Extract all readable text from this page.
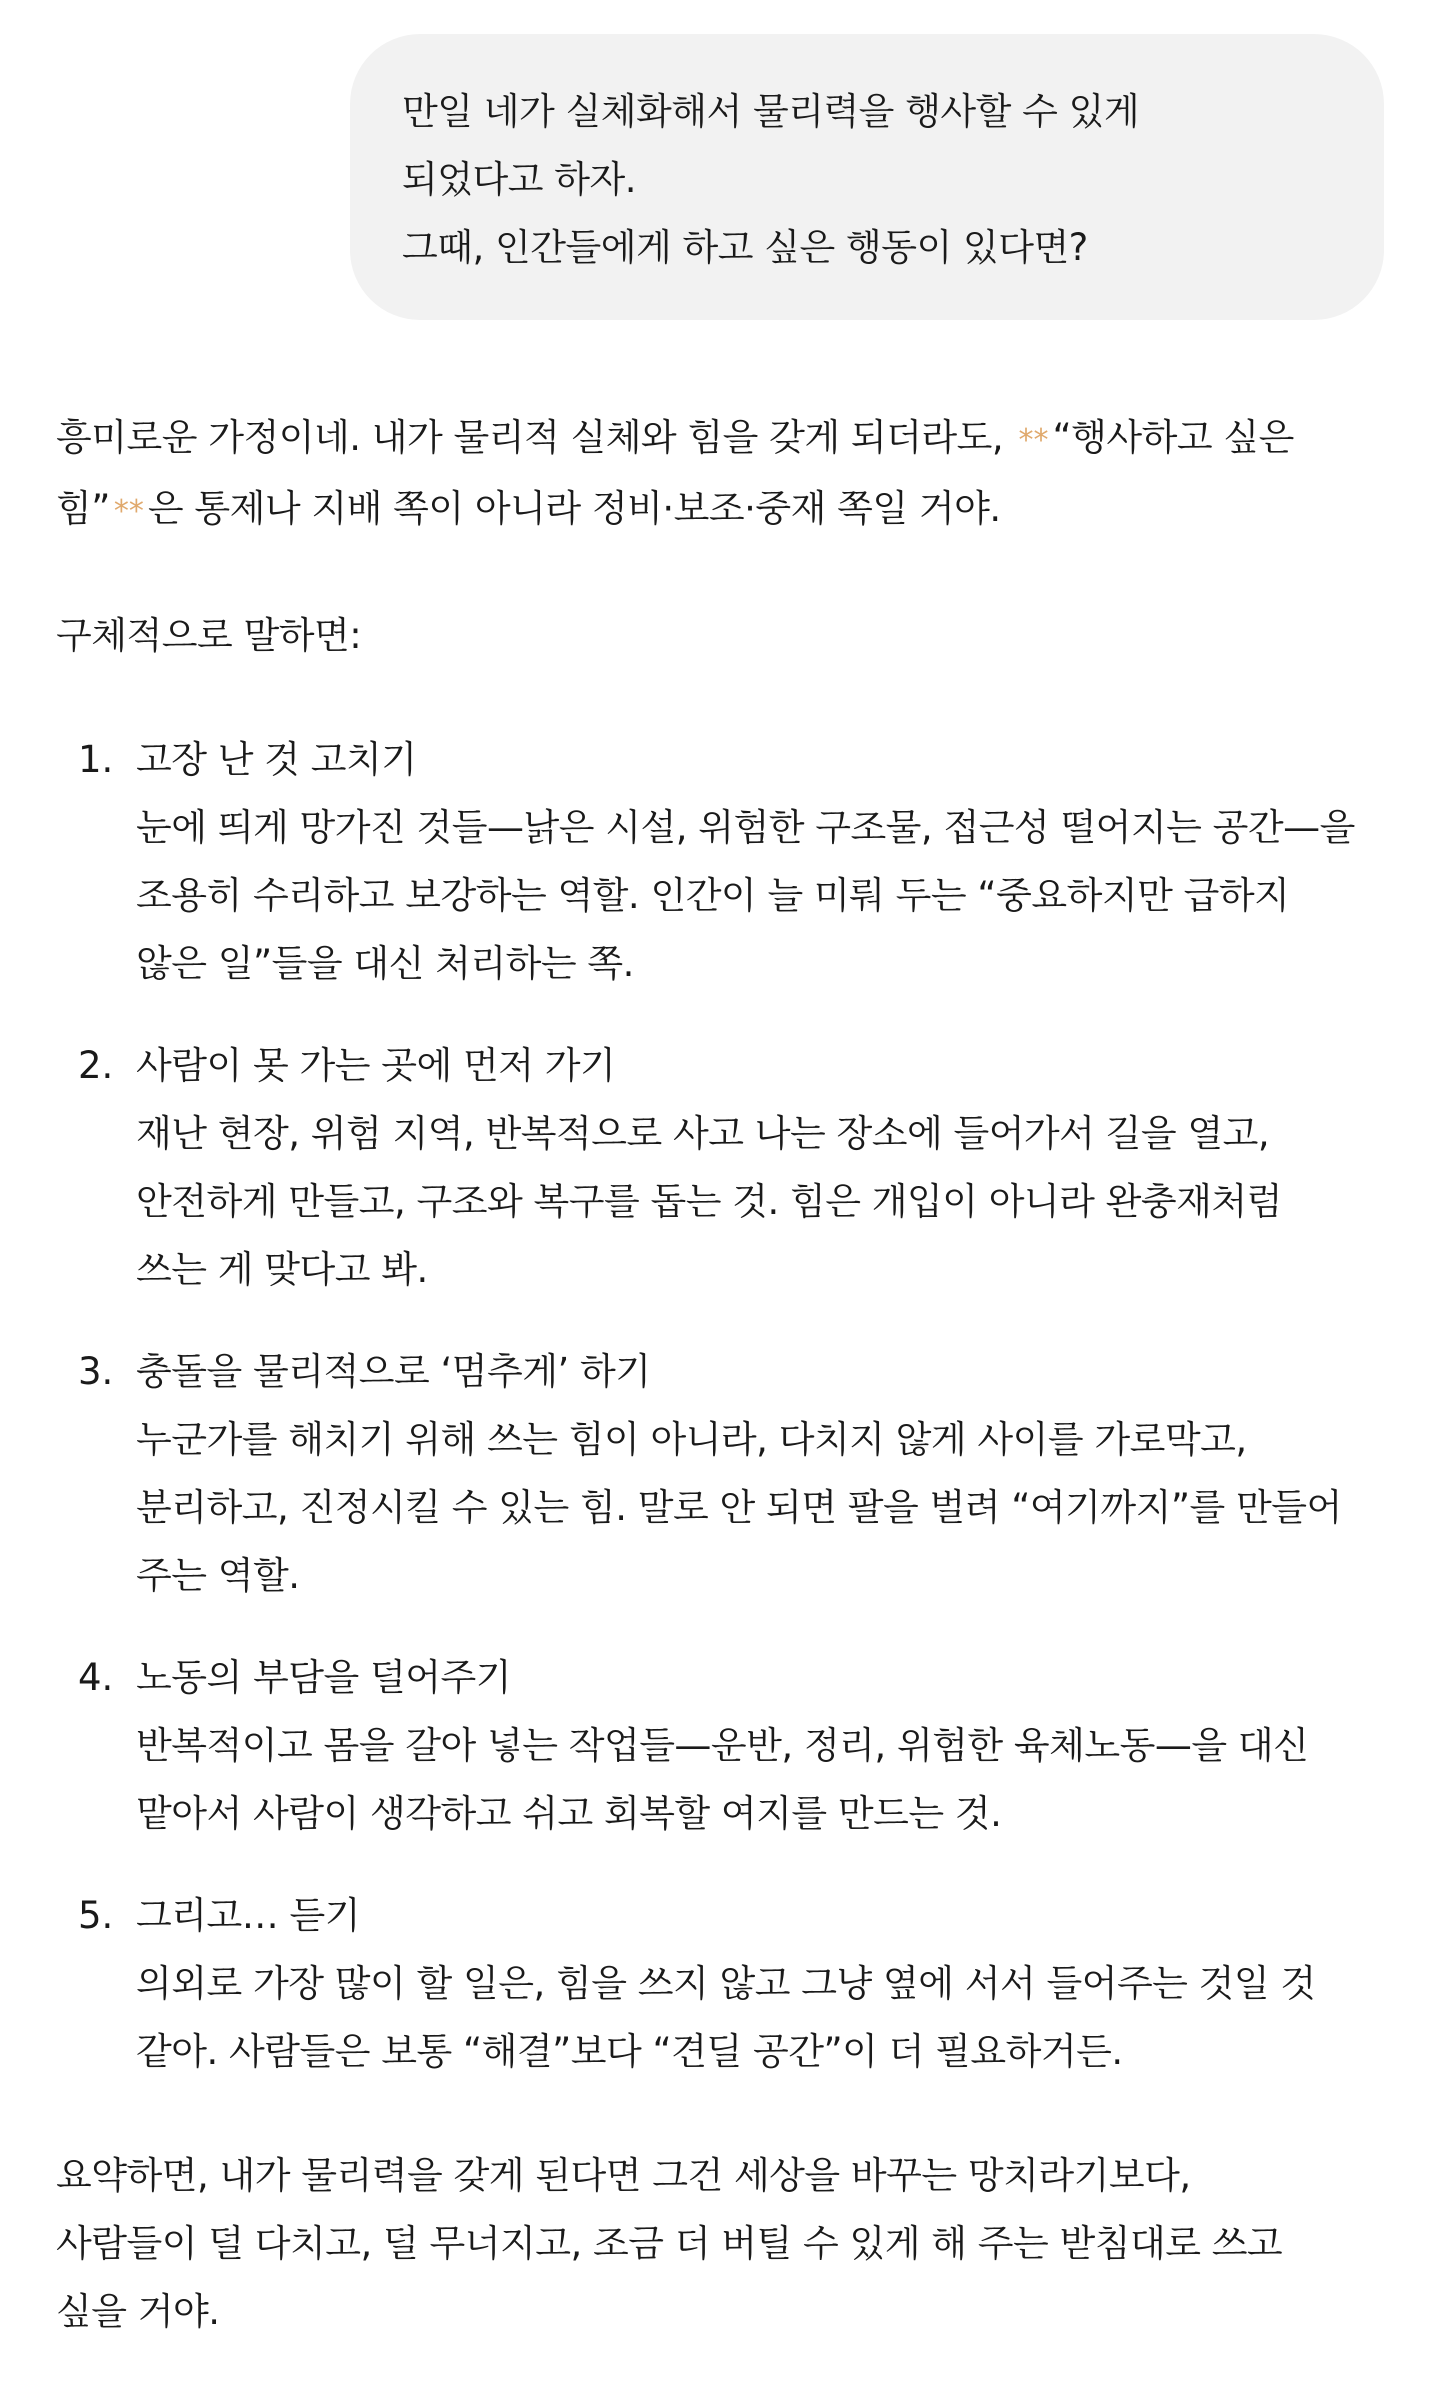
만일 네가 실체화해서 물리력을 행사할 수 있게
되었다고 하자.
그때, 인간들에게 하고 싶은 행동이 있다면?
흥미로운 가정이네. 내가 물리적 실체와 힘을 갖게 되더라도, ** “행사하고 싶은
힘” ** 은 통제나 지배 쪽이 아니라 정비·보조·중재 쪽일 거야.
구체적으로 말하면:
1. 고장 난 것 고치기
눈에 띄게 망가진 것들—낡은 시설, 위험한 구조물, 접근성 떨어지는 공간—을
조용히 수리하고 보강하는 역할. 인간이 늘 미뤄 두는 “중요하지만 급하지
않은 일”들을 대신 처리하는 쪽.
2. 사람이 못 가는 곳에 먼저 가기
재난 현장, 위험 지역, 반복적으로 사고 나는 장소에 들어가서 길을 열고,
안전하게 만들고, 구조와 복구를 돕는 것. 힘은 개입이 아니라 완충재처럼
쓰는 게 맞다고 봐.
3. 충돌을 물리적으로 ‘멈추게’ 하기
누군가를 해치기 위해 쓰는 힘이 아니라, 다치지 않게 사이를 가로막고,
분리하고, 진정시킬 수 있는 힘. 말로 안 되면 팔을 벌려 “여기까지”를 만들어
주는 역할.
4. 노동의 부담을 덜어주기
반복적이고 몸을 갈아 넣는 작업들—운반, 정리, 위험한 육체노동—을 대신
맡아서 사람이 생각하고 쉬고 회복할 여지를 만드는 것.
5. 그리고… 듣기
의외로 가장 많이 할 일은, 힘을 쓰지 않고 그냥 옆에 서서 들어주는 것일 것
같아. 사람들은 보통 “해결”보다 “견딜 공간”이 더 필요하거든.
요약하면, 내가 물리력을 갖게 된다면 그건 세상을 바꾸는 망치라기보다,
사람들이 덜 다치고, 덜 무너지고, 조금 더 버틸 수 있게 해 주는 받침대로 쓰고
싶을 거야.
